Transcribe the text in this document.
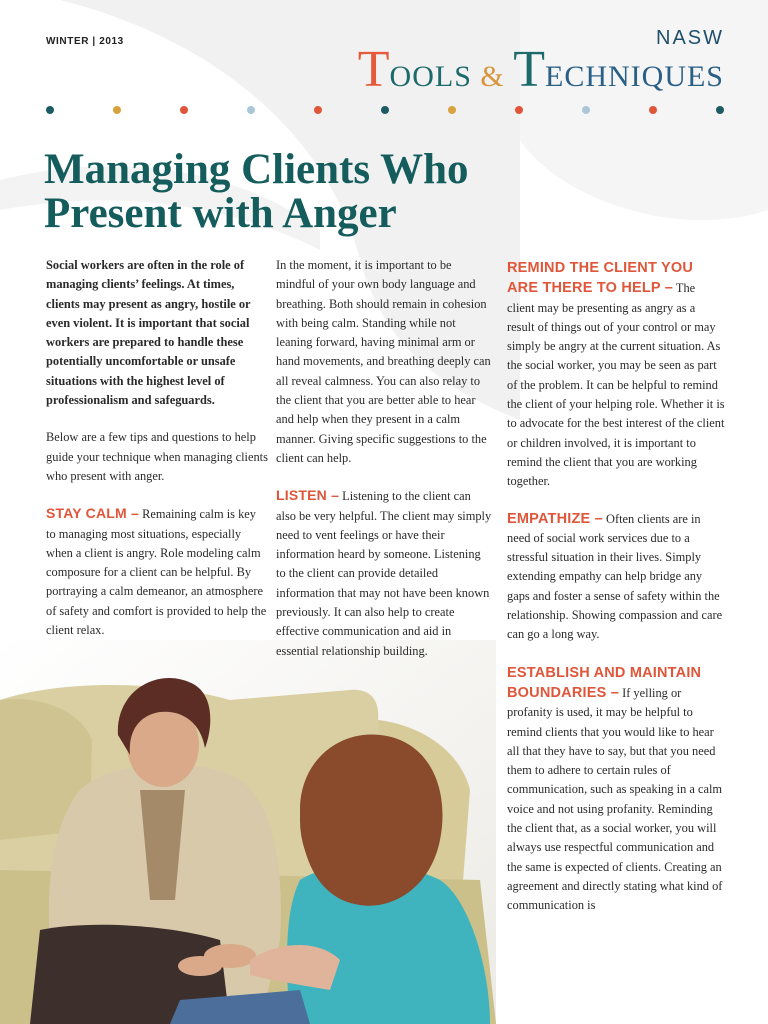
WINTER | 2013	NASW
TOOLS & TECHNIQUES
Managing Clients Who Present with Anger

Social workers are often in the role of managing clients’ feelings. At times, clients may present as angry, hostile or even violent. It is important that social workers are prepared to handle these potentially uncomfortable or unsafe situations with the highest level of professionalism and safeguards.

Below are a few tips and questions to help guide your technique when managing clients who present with anger.

STAY CALM – Remaining calm is key to managing most situations, especially when a client is angry. Role modeling calm composure for a client can be helpful. By portraying a calm demeanor, an atmosphere of safety and comfort is provided to help the client relax.

In the moment, it is important to be mindful of your own body language and breathing. Both should remain in cohesion with being calm. Standing while not leaning forward, having minimal arm or hand movements, and breathing deeply can all reveal calmness. You can also relay to the client that you are better able to hear and help when they present in a calm manner. Giving specific suggestions to the client can help.

LISTEN – Listening to the client can also be very helpful. The client may simply need to vent feelings or have their information heard by someone. Listening to the client can provide detailed information that may not have been known previously. It can also help to create effective communication and aid in essential relationship building.

REMIND THE CLIENT YOU ARE THERE TO HELP – The client may be presenting as angry as a result of things out of your control or may simply be angry at the current situation. As the social worker, you may be seen as part of the problem. It can be helpful to remind the client of your helping role. Whether it is to advocate for the best interest of the client or children involved, it is important to remind the client that you are working together.

EMPATHIZE – Often clients are in need of social work services due to a stressful situation in their lives. Simply extending empathy can help bridge any gaps and foster a sense of safety within the relationship. Showing compassion and care can go a long way.

ESTABLISH AND MAINTAIN BOUNDARIES – If yelling or profanity is used, it may be helpful to remind clients that you would like to hear all that they have to say, but that you need them to adhere to certain rules of communication, such as speaking in a calm voice and not using profanity. Reminding the client that, as a social worker, you will always use respectful communication and the same is expected of clients. Creating an agreement and directly stating what kind of communication is
